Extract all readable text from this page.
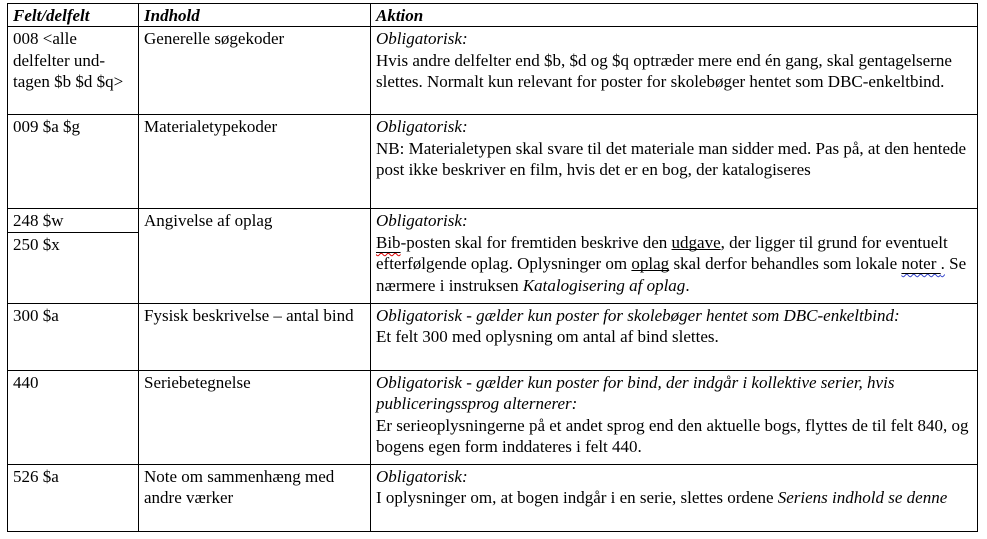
Felt/delfelt	Indhold	Aktion
008 <alle delfelter und-tagen $b $d $q>	Generelle søgekoder	Obligatorisk:
Hvis andre delfelter end $b, $d og $q optræder mere end én gang, skal gentagelserne slettes. Normalt kun relevant for poster for skolebøger hentet som DBC-enkeltbind.
009 $a $g	Materialetypekoder	Obligatorisk:
NB: Materialetypen skal svare til det materiale man sidder med. Pas på, at den hentede post ikke beskriver en film, hvis det er en bog, der katalogiseres
248 $w	Angivelse af oplag	Obligatorisk:
Bib-posten skal for fremtiden beskrive den udgave, der ligger til grund for eventuelt efterfølgende oplag. Oplysninger om oplag skal derfor behandles som lokale noter . Se nærmere i instruksen Katalogisering af oplag.
250 $x		
300 $a	Fysisk beskrivelse – antal bind	Obligatorisk - gælder kun poster for skolebøger hentet som DBC-enkeltbind:
Et felt 300 med oplysning om antal af bind slettes.
440	Seriebetegnelse	Obligatorisk - gælder kun poster for bind, der indgår i kollektive serier, hvis publiceringssprog alternerer:
Er serieoplysningerne på et andet sprog end den aktuelle bogs, flyttes de til felt 840, og bogens egen form inddateres i felt 440.
526 $a	Note om sammenhæng med andre værker	Obligatorisk:
I oplysninger om, at bogen indgår i en serie, slettes ordene Seriens indhold se denne
